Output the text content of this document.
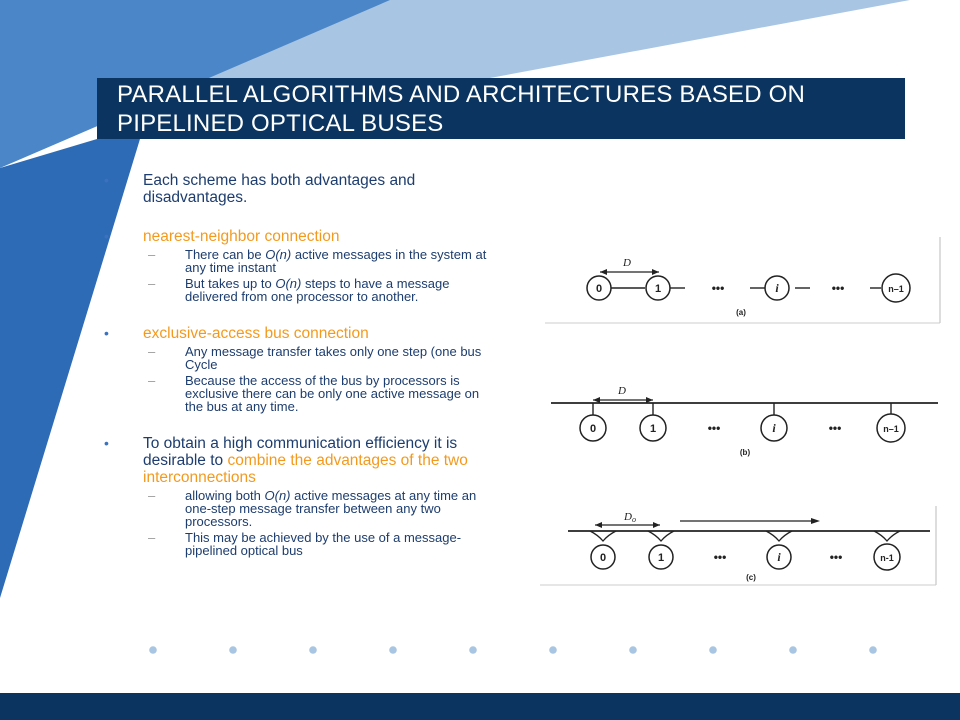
PARALLEL ALGORITHMS AND ARCHITECTURES BASED ON
PIPELINED OPTICAL BUSES
• Each scheme has both advantages and
disadvantages.
• nearest-neighbor connection
– There can be O(n) active messages in the system at
any time instant
– But takes up to O(n) steps to have a message
delivered from one processor to another.
• exclusive-access bus connection
– Any message transfer takes only one step (one bus
Cycle
– Because the access of the bus by processors is
exclusive there can be only one active message on
the bus at any time.
• To obtain a high communication efficiency it is
desirable to combine the advantages of the two
interconnections
– allowing both O(n) active messages at any time an
one-step message transfer between any two
processors.
– This may be achieved by the use of a message-
pipelined optical bus
D
0	1	•••	i	•••	n–1
(a)
D
0	1	•••	i	•••	n–1
(b)
Do
0	1	•••	i	•••	n-1
(c)
